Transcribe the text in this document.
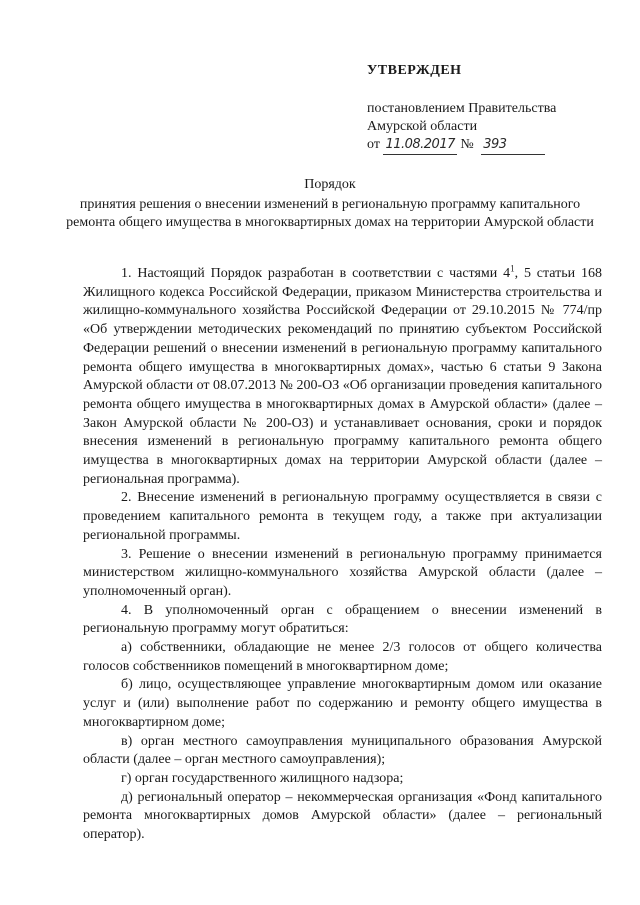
УТВЕРЖДЕН
постановлением Правительства
Амурской области
от 11.08.2017 № 393
Порядок
принятия решения о внесении изменений в региональную программу капитального ремонта общего имущества в многоквартирных домах на территории Амурской области

1. Настоящий Порядок разработан в соответствии с частями $4^1$, 5 статьи 168 Жилищного кодекса Российской Федерации, приказом Министерства строительства и жилищно-коммунального хозяйства Российской Федерации от 29.10.2015 № 774/пр «Об утверждении методических рекомендаций по принятию субъектом Российской Федерации решений о внесении изменений в региональную программу капитального ремонта общего имущества в многоквартирных домах», частью 6 статьи 9 Закона Амурской области от 08.07.2013 № 200-ОЗ «Об организации проведения капитального ремонта общего имущества в многоквартирных домах в Амурской области» (далее – Закон Амурской области № 200-ОЗ) и устанавливает основания, сроки и порядок внесения изменений в региональную программу капитального ремонта общего имущества в многоквартирных домах на территории Амурской области (далее – региональная программа).

2. Внесение изменений в региональную программу осуществляется в связи с проведением капитального ремонта в текущем году, а также при актуализации региональной программы.

3. Решение о внесении изменений в региональную программу принимается министерством жилищно-коммунального хозяйства Амурской области (далее – уполномоченный орган).

4. В уполномоченный орган с обращением о внесении изменений в региональную программу могут обратиться:

а) собственники, обладающие не менее 2/3 голосов от общего количества голосов собственников помещений в многоквартирном доме;

б) лицо, осуществляющее управление многоквартирным домом или оказание услуг и (или) выполнение работ по содержанию и ремонту общего имущества в многоквартирном доме;

в) орган местного самоуправления муниципального образования Амурской области (далее – орган местного самоуправления);

г) орган государственного жилищного надзора;

д) региональный оператор – некоммерческая организация «Фонд капитального ремонта многоквартирных домов Амурской области» (далее – региональный оператор).
